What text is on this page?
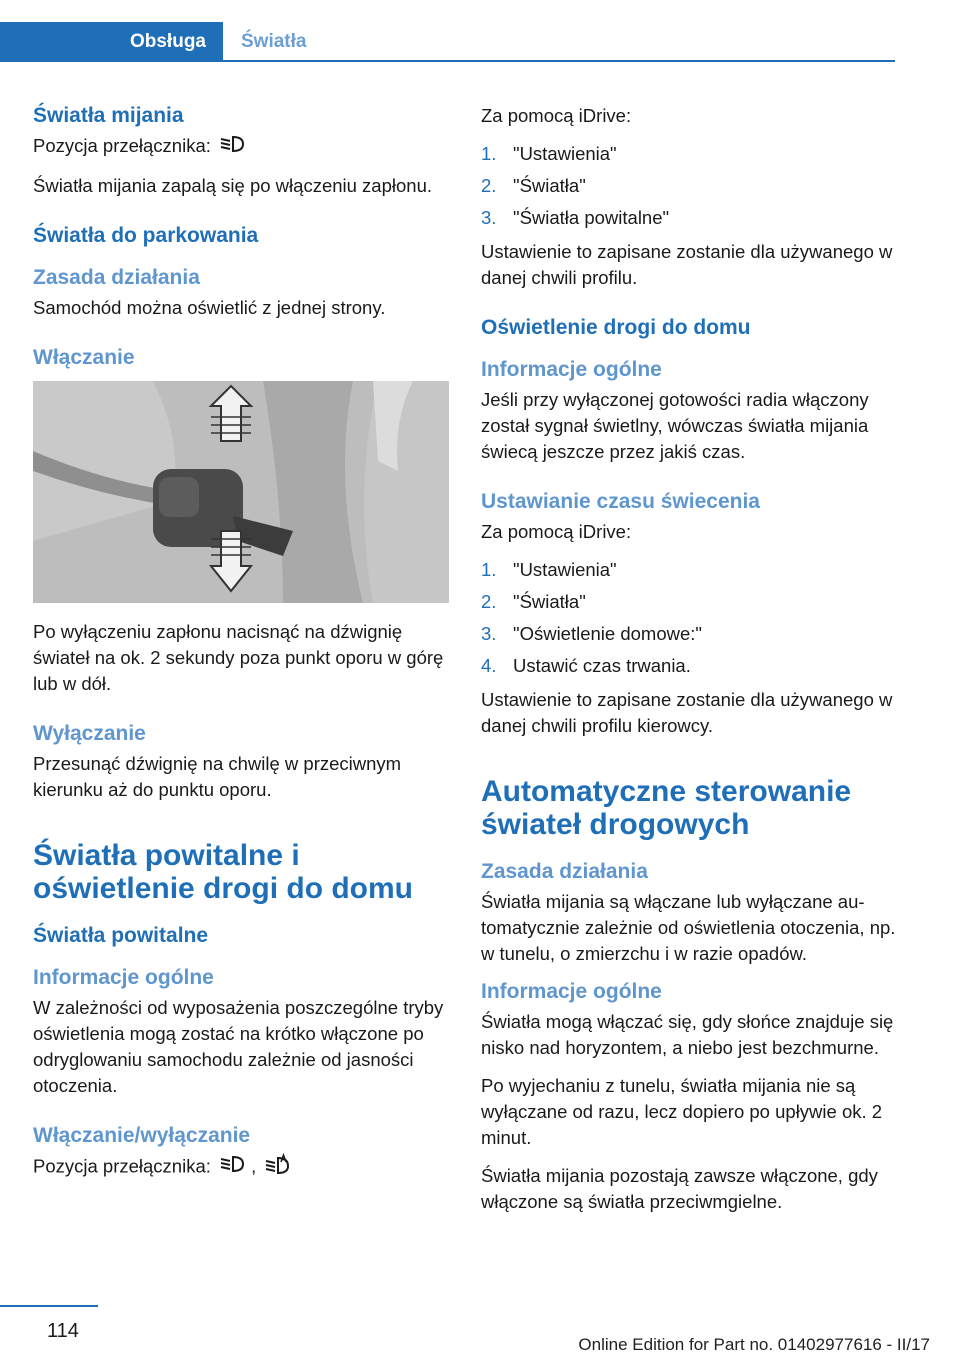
Obsługa	Światła
Światła mijania

Pozycja przełącznika:

Światła mijania zapalą się po włączeniu zapłonu.

Światła do parkowania
Zasada działania

Samochód można oświetlić z jednej strony.

Włączanie

Po wyłączeniu zapłonu nacisnąć na dźwignię świateł na ok. 2 sekundy poza punkt oporu w górę lub w dół.

Wyłączanie

Przesunąć dźwignię na chwilę w przeciwnym kierunku aż do punktu oporu.

Światła powitalne i oświetlenie drogi do domu
Światła powitalne
Informacje ogólne

W zależności od wyposażenia poszczególne tryby oświetlenia mogą zostać na krótko włączone po odryglowaniu samochodu zależnie od jasności otoczenia.

Włączanie/wyłączanie

Pozycja przełącznika: ,

Za pomocą iDrive:

1. "Ustawienia"
2. "Światła"
3. "Światła powitalne"

Ustawienie to zapisane zostanie dla używanego w danej chwili profilu.

Oświetlenie drogi do domu
Informacje ogólne

Jeśli przy wyłączonej gotowości radia włączony został sygnał świetlny, wówczas światła mijania świecą jeszcze przez jakiś czas.

Ustawianie czasu świecenia

Za pomocą iDrive:

1. "Ustawienia"
2. "Światła"
3. "Oświetlenie domowe:"
4. Ustawić czas trwania.

Ustawienie to zapisane zostanie dla używanego w danej chwili profilu kierowcy.

Automatyczne sterowanie świateł drogowych
Zasada działania

Światła mijania są włączane lub wyłączane automatycznie zależnie od oświetlenia otoczenia, np. w tunelu, o zmierzchu i w razie opadów.

Informacje ogólne

Światła mogą włączać się, gdy słońce znajduje się nisko nad horyzontem, a niebo jest bezchmurne.

Po wyjechaniu z tunelu, światła mijania nie są wyłączane od razu, lecz dopiero po upływie ok. 2 minut.

Światła mijania pozostają zawsze włączone, gdy włączone są światła przeciwmgielne.

114
Online Edition for Part no. 01402977616 - II/17
